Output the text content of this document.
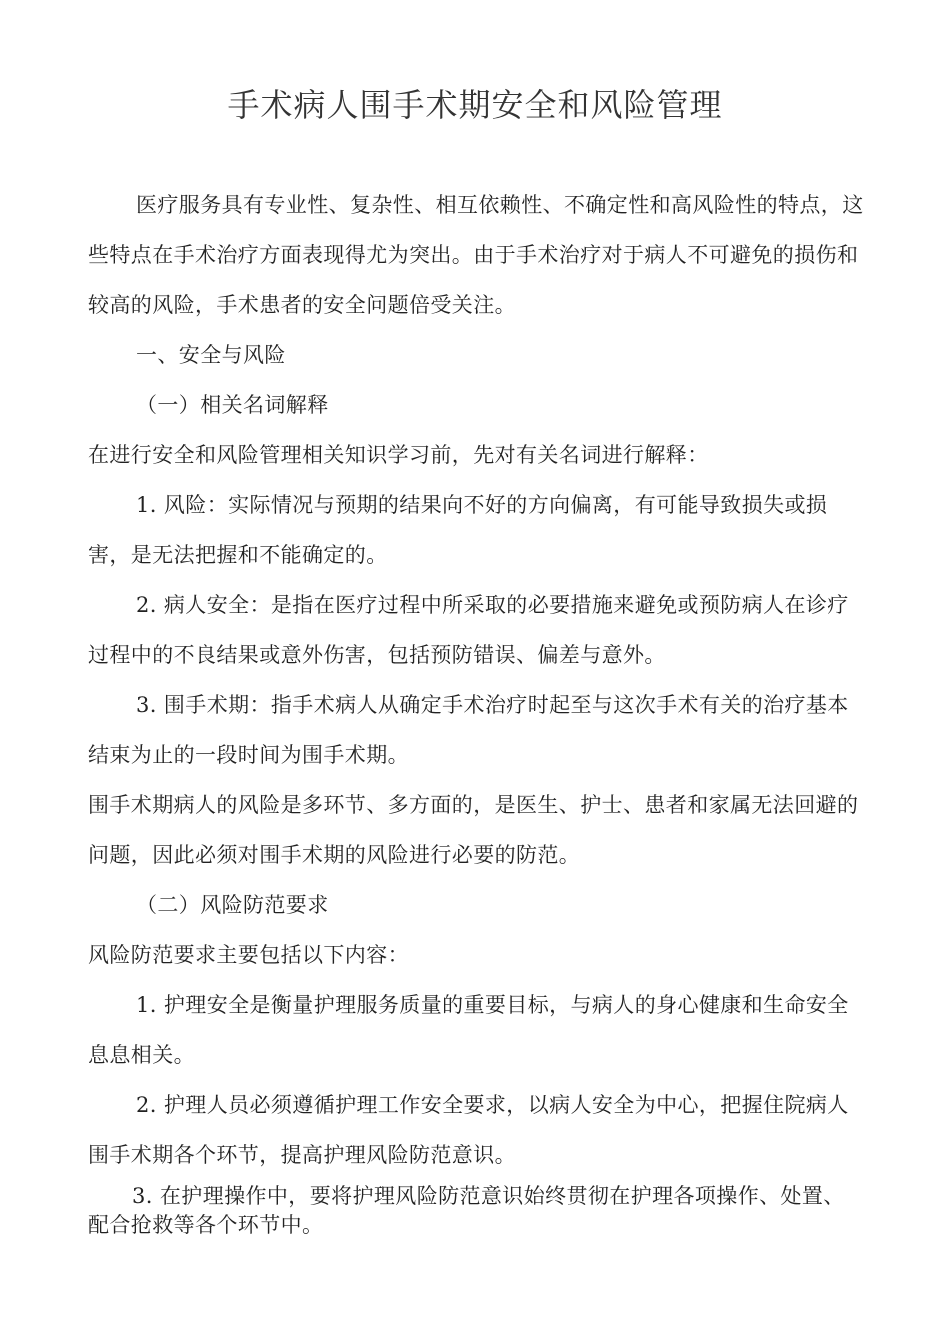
手术病人围手术期安全和风险管理

医疗服务具有专业性、复杂性、相互依赖性、不确定性和高风险性的特点，这些特点在手术治疗方面表现得尤为突出。由于手术治疗对于病人不可避免的损伤和较高的风险，手术患者的安全问题倍受关注。

一、安全与风险

（一）相关名词解释

在进行安全和风险管理相关知识学习前，先对有关名词进行解释：

1. 风险：实际情况与预期的结果向不好的方向偏离，有可能导致损失或损害，是无法把握和不能确定的。

2. 病人安全：是指在医疗过程中所采取的必要措施来避免或预防病人在诊疗过程中的不良结果或意外伤害，包括预防错误、偏差与意外。

3. 围手术期：指手术病人从确定手术治疗时起至与这次手术有关的治疗基本结束为止的一段时间为围手术期。

围手术期病人的风险是多环节、多方面的，是医生、护士、患者和家属无法回避的问题，因此必须对围手术期的风险进行必要的防范。

（二）风险防范要求

风险防范要求主要包括以下内容：

1. 护理安全是衡量护理服务质量的重要目标，与病人的身心健康和生命安全息息相关。

2. 护理人员必须遵循护理工作安全要求，以病人安全为中心，把握住院病人围手术期各个环节，提高护理风险防范意识。

3. 在护理操作中，要将护理风险防范意识始终贯彻在护理各项操作、处置、配合抢救等各个环节中。
